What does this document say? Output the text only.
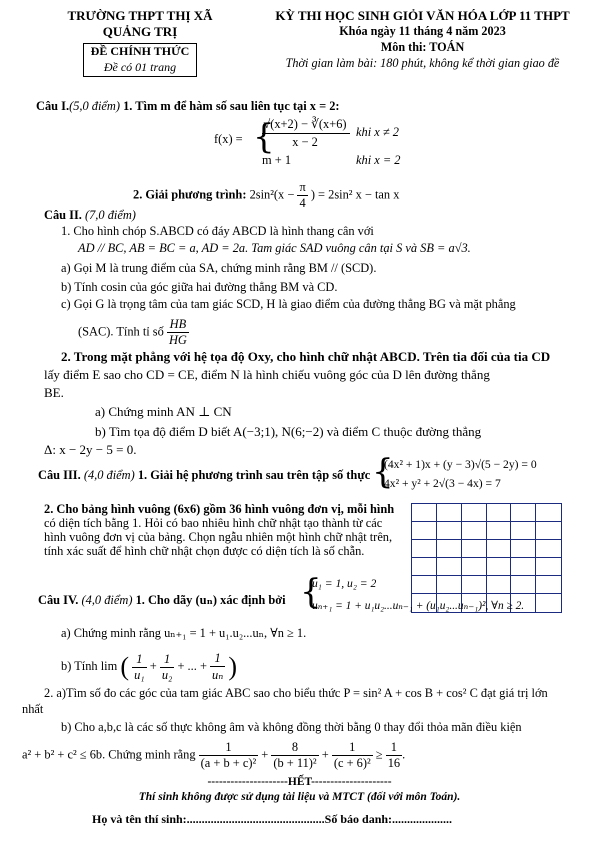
TRƯỜNG THPT THỊ XÃ
QUẢNG TRỊ
ĐỀ CHÍNH THỨC
Đề có 01 trang
KỲ THI HỌC SINH GIỎI VĂN HÓA LỚP 11 THPT
Khóa ngày 11 tháng 4 năm 2023
Môn thi: TOÁN
Thời gian làm bài: 180 phút, không kể thời gian giao đề
Câu I.(5,0 điểm) 1. Tìm m để hàm số sau liên tục tại x = 2:
f(x) = {
√(x+2) − ∛(x+6)
x − 2
khi x ≠ 2
m + 1	khi x = 2
2. Giải phương trình: $2\sin^2(x - \frac{\pi}{4}$ ) = 2sin² x − tan x
Câu II. (7,0 điểm)
1. Cho hình chóp S.ABCD có đáy ABCD là hình thang cân với
AD // BC, AB = BC = a, AD = 2a. Tam giác SAD vuông cân tại S và SB = a√3.
a) Gọi M là trung điểm của SA, chứng minh rằng BM // (SCD).
b) Tính cosin của góc giữa hai đường thẳng BM và CD.
c) Gọi G là trọng tâm của tam giác SCD, H là giao điểm của đường thẳng BG và mặt phẳng
(SAC). Tính tỉ số $\frac{HB}{HG}$
2. Trong mặt phẳng với hệ tọa độ Oxy, cho hình chữ nhật ABCD. Trên tia đối của tia CD
lấy điểm E sao cho CD = CE, điểm N là hình chiếu vuông góc của D lên đường thẳng
BE.
a) Chứng minh AN ⊥ CN
b) Tìm tọa độ điểm D biết A(−3;1), N(6;−2) và điểm C thuộc đường thẳng
Δ: x − 2y − 5 = 0.
Câu III. (4,0 điểm) 1. Giải hệ phương trình sau trên tập số thực {
(4x² + 1)x + (y − 3)√(5 − 2y) = 0
4x² + y² + 2√(3 − 4x) = 7
2. Cho bảng hình vuông (6x6) gồm 36 hình vuông đơn vị, mỗi hình
có diện tích bằng 1. Hỏi có bao nhiêu hình chữ nhật tạo thành từ các
hình vuông đơn vị của bảng. Chọn ngẫu nhiên một hình chữ nhật trên,
tính xác suất để hình chữ nhật chọn được có diện tích là số chẵn.
Câu IV. (4,0 điểm) 1. Cho dãy (uₙ) xác định bởi {
u₁ = 1, u₂ = 2
uₙ₊₁ = 1 + u₁u₂...uₙ₋₁ + (u₁u₂...uₙ₋₁)², ∀n ≥ 2.
a) Chứng minh rằng uₙ₊₁ = 1 + u₁.u₂...uₙ, ∀n ≥ 1.
b) Tính lim ( $\frac{1}{\text{u₁}} + \frac{1}{\text{u₂}}$ + ... + $\frac{1}{\text{uₙ}}$ )
2. a)Tìm số đo các góc của tam giác ABC sao cho biểu thức P = sin² A + cos B + cos² C đạt giá trị lớn
nhất
b) Cho a,b,c là các số thực không âm và không đồng thời bằng 0 thay đổi thỏa mãn điều kiện
a² + b² + c² ≤ 6b. Chứng minh rằng $\frac{1}{\text{(a + b + c)²}} + \frac{8}{\text{(b + 11)²}} + \frac{1}{\text{(c + 6)²}} \ge \frac{1}{16}$ .
---------------------HẾT---------------------
Thí sinh không được sử dụng tài liệu và MTCT (đối với môn Toán).
Họ và tên thí sinh:..............................................Số báo danh:....................
